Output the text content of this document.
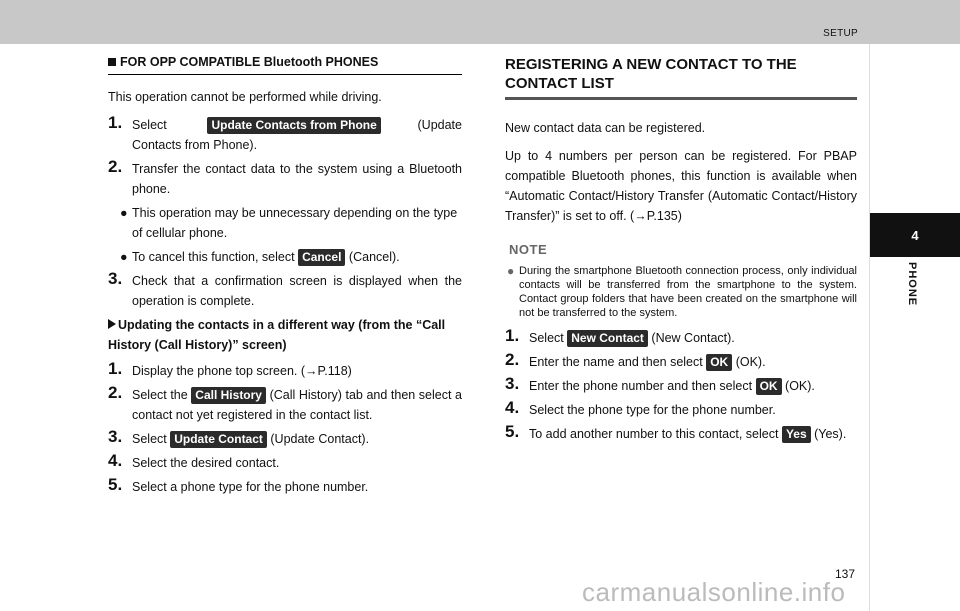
SETUP
4
PHONE
FOR OPP COMPATIBLE Bluetooth PHONES

This operation cannot be performed while driving.

1. Select	Update Contacts from Phone	(Update Contacts from Phone).
2. Transfer the contact data to the system using a Bluetooth phone.
● This operation may be unnecessary depending on the type of cellular phone.
● To cancel this function, select Cancel (Cancel).
3. Check that a confirmation screen is displayed when the operation is complete.
Updating the contacts in a different way (from the “Call History (Call History)” screen)
1. Display the phone top screen. (→P.118)
2. Select the Call History (Call History) tab and then select a contact not yet registered in the contact list.
3. Select Update Contact (Update Contact).
4. Select the desired contact.
5. Select a phone type for the phone number.
REGISTERING A NEW CONTACT TO THE CONTACT LIST

New contact data can be registered.

Up to 4 numbers per person can be registered. For PBAP compatible Bluetooth phones, this function is available when “Automatic Contact/History Transfer (Automatic Contact/History Transfer)” is set to off. (→P.135)

NOTE
● During the smartphone Bluetooth connection process, only individual contacts will be transferred from the smartphone to the system. Contact group folders that have been created on the smartphone will not be transferred to the system.
1. Select New Contact (New Contact).
2. Enter the name and then select OK (OK).
3. Enter the phone number and then select OK (OK).
4. Select the phone type for the phone number.
5. To add another number to this contact, select Yes (Yes).
137
carmanualsonline.info
